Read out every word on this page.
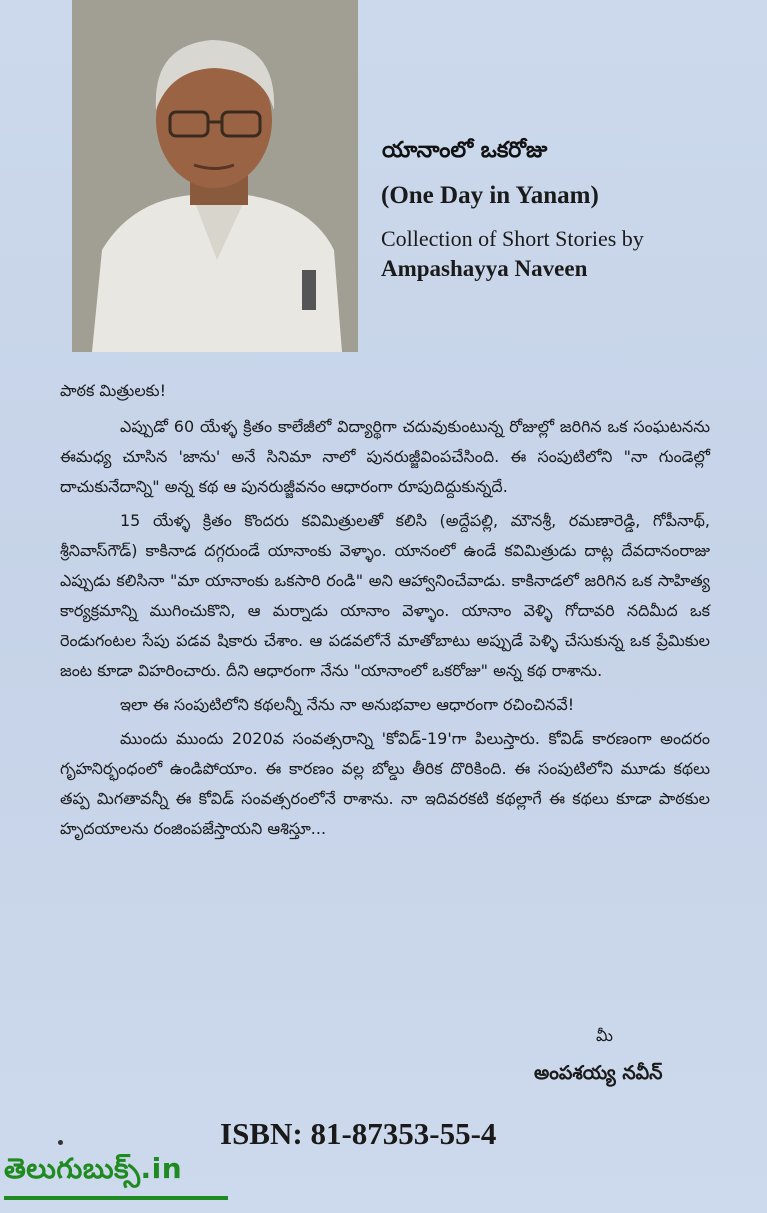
యానాంలో ఒకరోజు
(One Day in Yanam)
Collection of Short Stories by
Ampashayya Naveen

పాఠక మిత్రులకు!

ఎప్పుడో 60 యేళ్ళ క్రితం కాలేజీలో విద్యార్థిగా చదువుకుంటున్న రోజుల్లో జరిగిన ఒక సంఘటనను ఈమధ్య చూసిన 'జాను' అనే సినిమా నాలో పునరుజ్జీవింపచేసింది. ఈ సంపుటిలోని "నా గుండెల్లో దాచుకునేదాన్ని" అన్న కథ ఆ పునరుజ్జీవనం ఆధారంగా రూపుదిద్దుకున్నదే.

15 యేళ్ళ క్రితం కొందరు కవిమిత్రులతో కలిసి (అద్దేపల్లి, మౌనశ్రీ, రమణారెడ్డి, గోపీనాథ్, శ్రీనివాస్‌గౌడ్) కాకినాడ దగ్గరుండే యానాంకు వెళ్ళాం. యానంలో ఉండే కవిమిత్రుడు దాట్ల దేవదానంరాజు ఎప్పుడు కలిసినా "మా యానాంకు ఒకసారి రండి" అని ఆహ్వానించేవాడు. కాకినాడలో జరిగిన ఒక సాహిత్య కార్యక్రమాన్ని ముగించుకొని, ఆ మర్నాడు యానాం వెళ్ళాం. యానాం వెళ్ళి గోదావరి నదిమీద ఒక రెండుగంటల సేపు పడవ షికారు చేశాం. ఆ పడవలోనే మాతోబాటు అప్పుడే పెళ్ళి చేసుకున్న ఒక ప్రేమికుల జంట కూడా విహరించారు. దీని ఆధారంగా నేను "యానాంలో ఒకరోజు" అన్న కథ రాశాను.

ఇలా ఈ సంపుటిలోని కథలన్నీ నేను నా అనుభవాల ఆధారంగా రచించినవే!

ముందు ముందు 2020వ సంవత్సరాన్ని 'కోవిడ్-19'గా పిలుస్తారు. కోవిడ్ కారణంగా అందరం గృహనిర్భంధంలో ఉండిపోయాం. ఈ కారణం వల్ల బోల్డు తీరిక దొరికింది. ఈ సంపుటిలోని మూడు కథలు తప్ప మిగతావన్నీ ఈ కోవిడ్ సంవత్సరంలోనే రాశాను. నా ఇదివరకటి కథల్లాగే ఈ కథలు కూడా పాఠకుల హృదయాలను రంజింపజేస్తాయని ఆశిస్తూ...

మీ
అంపశయ్య నవీన్
ISBN: 81-87353-55-4
తెలుగుబుక్స్.in
